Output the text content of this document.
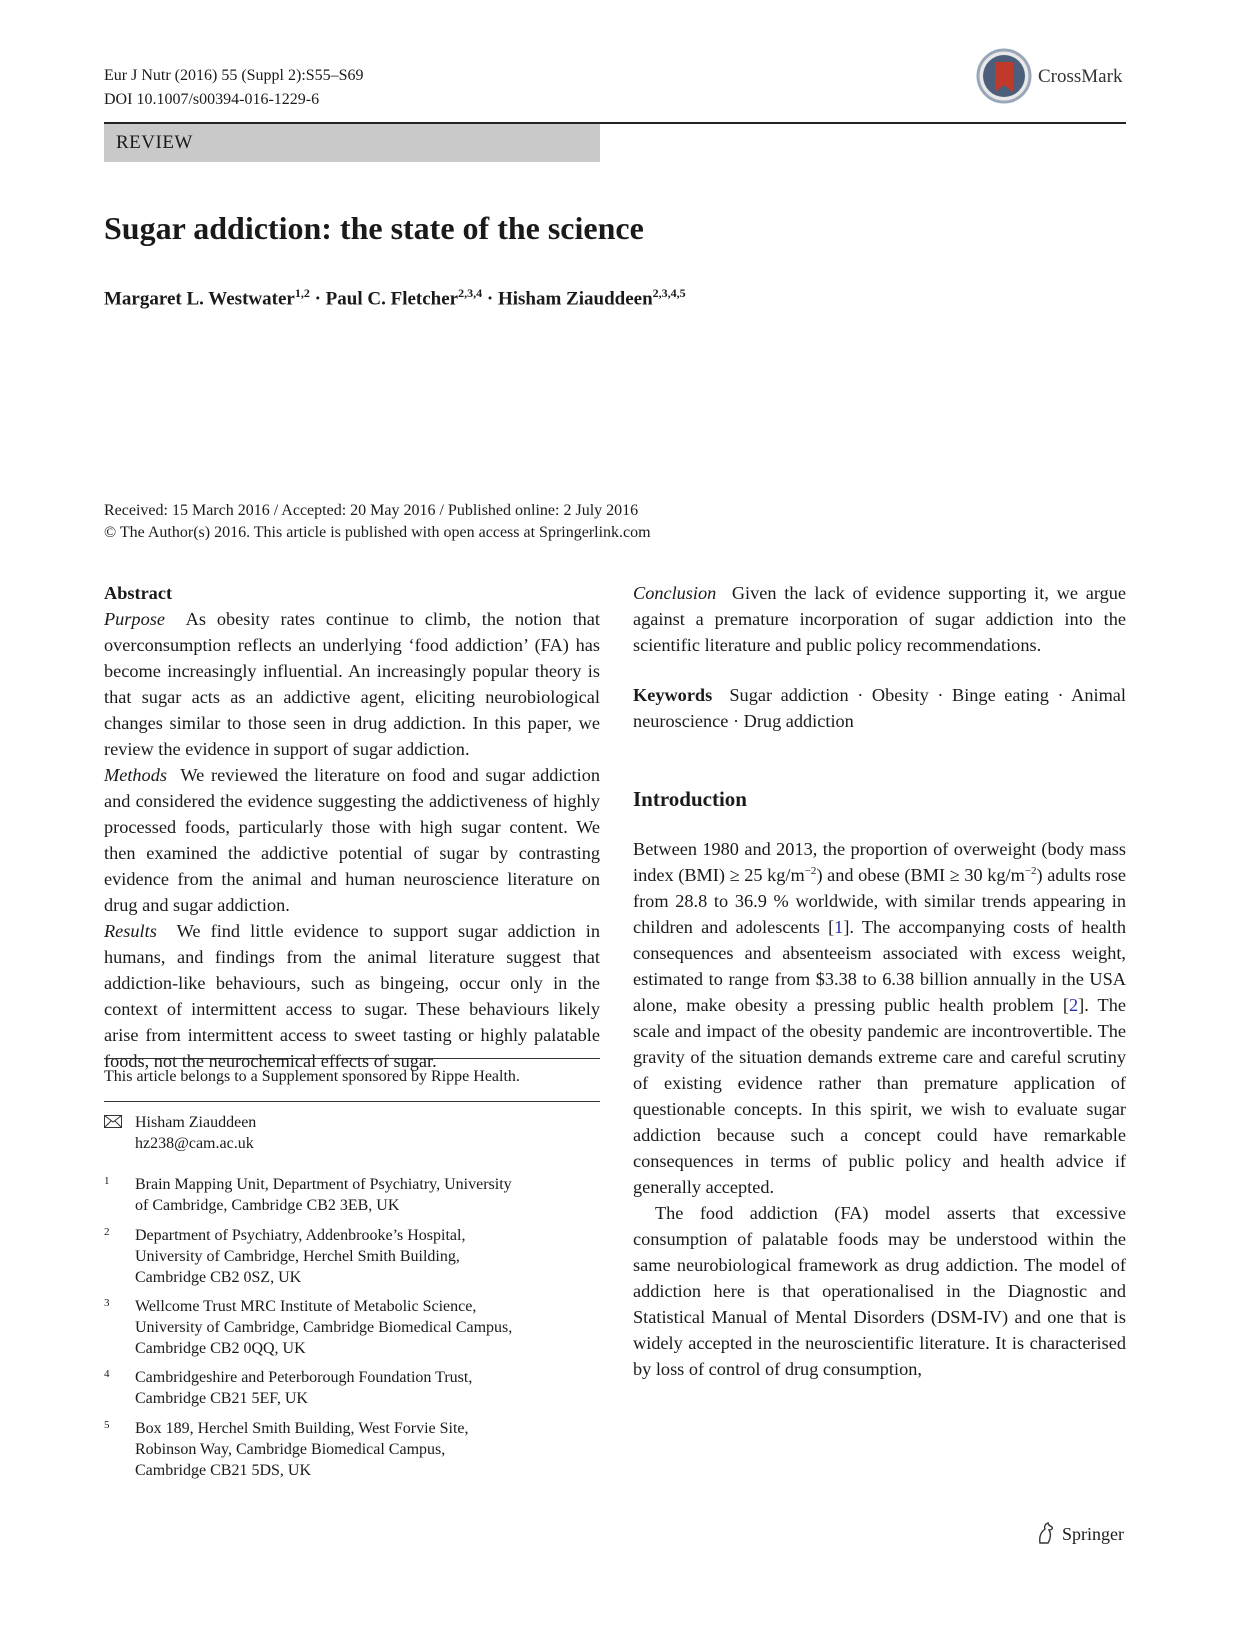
Eur J Nutr (2016) 55 (Suppl 2):S55–S69
DOI 10.1007/s00394-016-1229-6
CrossMark
REVIEW
Sugar addiction: the state of the science
Margaret L. Westwater$^{1,2}$ · Paul C. Fletcher$^{2,3,4}$ · Hisham Ziauddeen$^{2,3,4,5}$
Received: 15 March 2016 / Accepted: 20 May 2016 / Published online: 2 July 2016
© The Author(s) 2016. This article is published with open access at Springerlink.com

Abstract

Purpose As obesity rates continue to climb, the notion that overconsumption reflects an underlying ‘food addiction’ (FA) has become increasingly influential. An increasingly popular theory is that sugar acts as an addictive agent, eliciting neurobiological changes similar to those seen in drug addiction. In this paper, we review the evidence in support of sugar addiction.

Methods We reviewed the literature on food and sugar addiction and considered the evidence suggesting the addictiveness of highly processed foods, particularly those with high sugar content. We then examined the addictive potential of sugar by contrasting evidence from the animal and human neuroscience literature on drug and sugar addiction.

Results We find little evidence to support sugar addiction in humans, and findings from the animal literature suggest that addiction-like behaviours, such as bingeing, occur only in the context of intermittent access to sugar. These behaviours likely arise from intermittent access to sweet tasting or highly palatable foods, not the neurochemical effects of sugar.

This article belongs to a Supplement sponsored by Rippe Health.
Hisham Ziauddeen
hz238@cam.ac.uk
1 Brain Mapping Unit, Department of Psychiatry, University
of Cambridge, Cambridge CB2 3EB, UK
2 Department of Psychiatry, Addenbrooke’s Hospital,
University of Cambridge, Herchel Smith Building,
Cambridge CB2 0SZ, UK
3 Wellcome Trust MRC Institute of Metabolic Science,
University of Cambridge, Cambridge Biomedical Campus,
Cambridge CB2 0QQ, UK
4 Cambridgeshire and Peterborough Foundation Trust,
Cambridge CB21 5EF, UK
5 Box 189, Herchel Smith Building, West Forvie Site,
Robinson Way, Cambridge Biomedical Campus,
Cambridge CB21 5DS, UK

Conclusion Given the lack of evidence supporting it, we argue against a premature incorporation of sugar addiction into the scientific literature and public policy recommendations.

Keywords Sugar addiction · Obesity · Binge eating · Animal neuroscience · Drug addiction

Introduction

Between 1980 and 2013, the proportion of overweight (body mass index (BMI) ≥ 25 $kg/m^{-2}$) and obese (BMI ≥ 30 $kg/m^{-2}$) adults rose from 28.8 to 36.9 % worldwide, with similar trends appearing in children and adolescents [1]. The accompanying costs of health consequences and absenteeism associated with excess weight, estimated to range from $3.38 to 6.38 billion annually in the USA alone, make obesity a pressing public health problem [2]. The scale and impact of the obesity pandemic are incontrovertible. The gravity of the situation demands extreme care and careful scrutiny of existing evidence rather than premature application of questionable concepts. In this spirit, we wish to evaluate sugar addiction because such a concept could have remarkable consequences in terms of public policy and health advice if generally accepted.

The food addiction (FA) model asserts that excessive consumption of palatable foods may be understood within the same neurobiological framework as drug addiction. The model of addiction here is that operationalised in the Diagnostic and Statistical Manual of Mental Disorders (DSM-IV) and one that is widely accepted in the neuroscientific literature. It is characterised by loss of control of drug consumption,

Springer
